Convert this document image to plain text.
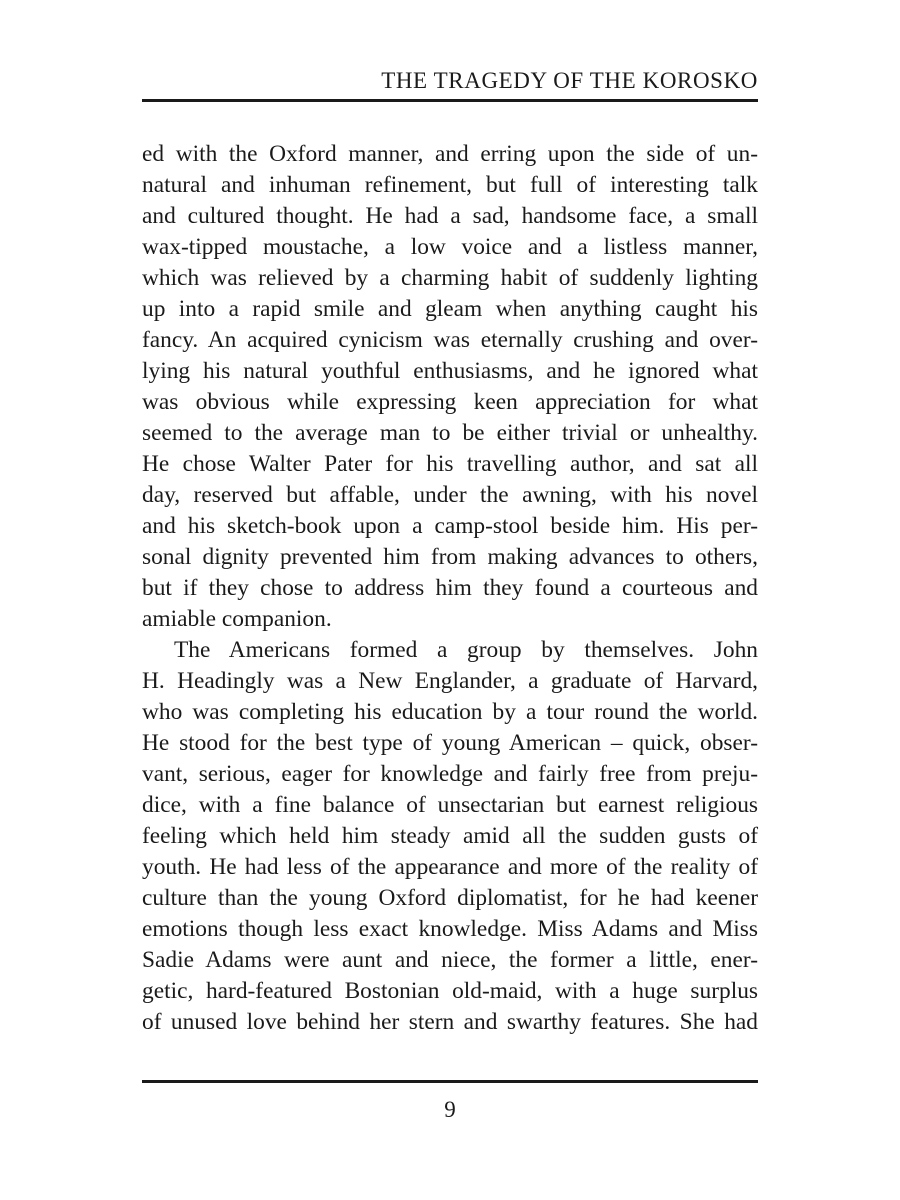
THE TRAGEDY OF THE KOROSKO
ed with the Oxford manner, and erring upon the side of un-
natural and inhuman refinement, but full of interesting talk
and cultured thought. He had a sad, handsome face, a small
wax-tipped moustache, a low voice and a listless manner,
which was relieved by a charming habit of suddenly lighting
up into a rapid smile and gleam when anything caught his
fancy. An acquired cynicism was eternally crushing and over-
lying his natural youthful enthusiasms, and he ignored what
was obvious while expressing keen appreciation for what
seemed to the average man to be either trivial or unhealthy.
He chose Walter Pater for his travelling author, and sat all
day, reserved but affable, under the awning, with his novel
and his sketch-book upon a camp-stool beside him. His per-
sonal dignity prevented him from making advances to others,
but if they chose to address him they found a courteous and
amiable companion.
The Americans formed a group by themselves. John
H. Headingly was a New Englander, a graduate of Harvard,
who was completing his education by a tour round the world.
He stood for the best type of young American – quick, obser-
vant, serious, eager for knowledge and fairly free from preju-
dice, with a fine balance of unsectarian but earnest religious
feeling which held him steady amid all the sudden gusts of
youth. He had less of the appearance and more of the reality of
culture than the young Oxford diplomatist, for he had keener
emotions though less exact knowledge. Miss Adams and Miss
Sadie Adams were aunt and niece, the former a little, ener-
getic, hard-featured Bostonian old-maid, with a huge surplus
of unused love behind her stern and swarthy features. She had
9
